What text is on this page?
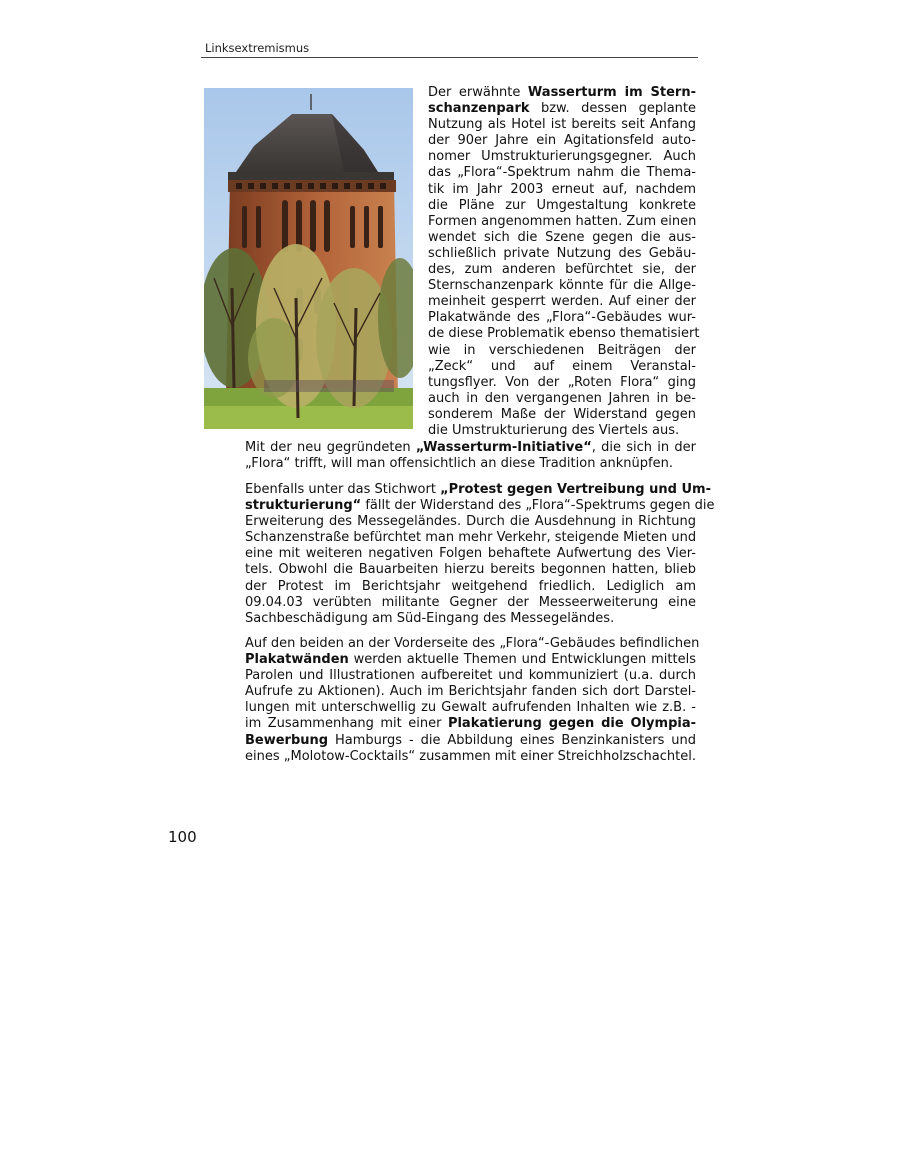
Linksextremismus
Der erwähnte Wasserturm im Stern-
schanzenpark bzw. dessen geplante
Nutzung als Hotel ist bereits seit Anfang
der 90er Jahre ein Agitationsfeld auto-
nomer Umstrukturierungsgegner. Auch
das „Flora“-Spektrum nahm die Thema-
tik im Jahr 2003 erneut auf, nachdem
die Pläne zur Umgestaltung konkrete
Formen angenommen hatten. Zum einen
wendet sich die Szene gegen die aus-
schließlich private Nutzung des Gebäu-
des, zum anderen befürchtet sie, der
Sternschanzenpark könnte für die Allge-
meinheit gesperrt werden. Auf einer der
Plakatwände des „Flora“-Gebäudes wur-
de diese Problematik ebenso thematisiert
wie in verschiedenen Beiträgen der
„Zeck“ und auf einem Veranstal-
tungsflyer. Von der „Roten Flora“ ging
auch in den vergangenen Jahren in be-
sonderem Maße der Widerstand gegen
die Umstrukturierung des Viertels aus.
Mit der neu gegründeten „Wasserturm-Initiative“, die sich in der
„Flora“ trifft, will man offensichtlich an diese Tradition anknüpfen.
Ebenfalls unter das Stichwort „Protest gegen Vertreibung und Um-
strukturierung“ fällt der Widerstand des „Flora“-Spektrums gegen die
Erweiterung des Messegeländes. Durch die Ausdehnung in Richtung
Schanzenstraße befürchtet man mehr Verkehr, steigende Mieten und
eine mit weiteren negativen Folgen behaftete Aufwertung des Vier-
tels. Obwohl die Bauarbeiten hierzu bereits begonnen hatten, blieb
der Protest im Berichtsjahr weitgehend friedlich. Lediglich am
09.04.03 verübten militante Gegner der Messeerweiterung eine
Sachbeschädigung am Süd-Eingang des Messegeländes.
Auf den beiden an der Vorderseite des „Flora“-Gebäudes befindlichen
Plakatwänden werden aktuelle Themen und Entwicklungen mittels
Parolen und Illustrationen aufbereitet und kommuniziert (u.a. durch
Aufrufe zu Aktionen). Auch im Berichtsjahr fanden sich dort Darstel-
lungen mit unterschwellig zu Gewalt aufrufenden Inhalten wie z.B. -
im Zusammenhang mit einer Plakatierung gegen die Olympia-
Bewerbung Hamburgs - die Abbildung eines Benzinkanisters und
eines „Molotow-Cocktails“ zusammen mit einer Streichholzschachtel.
100
